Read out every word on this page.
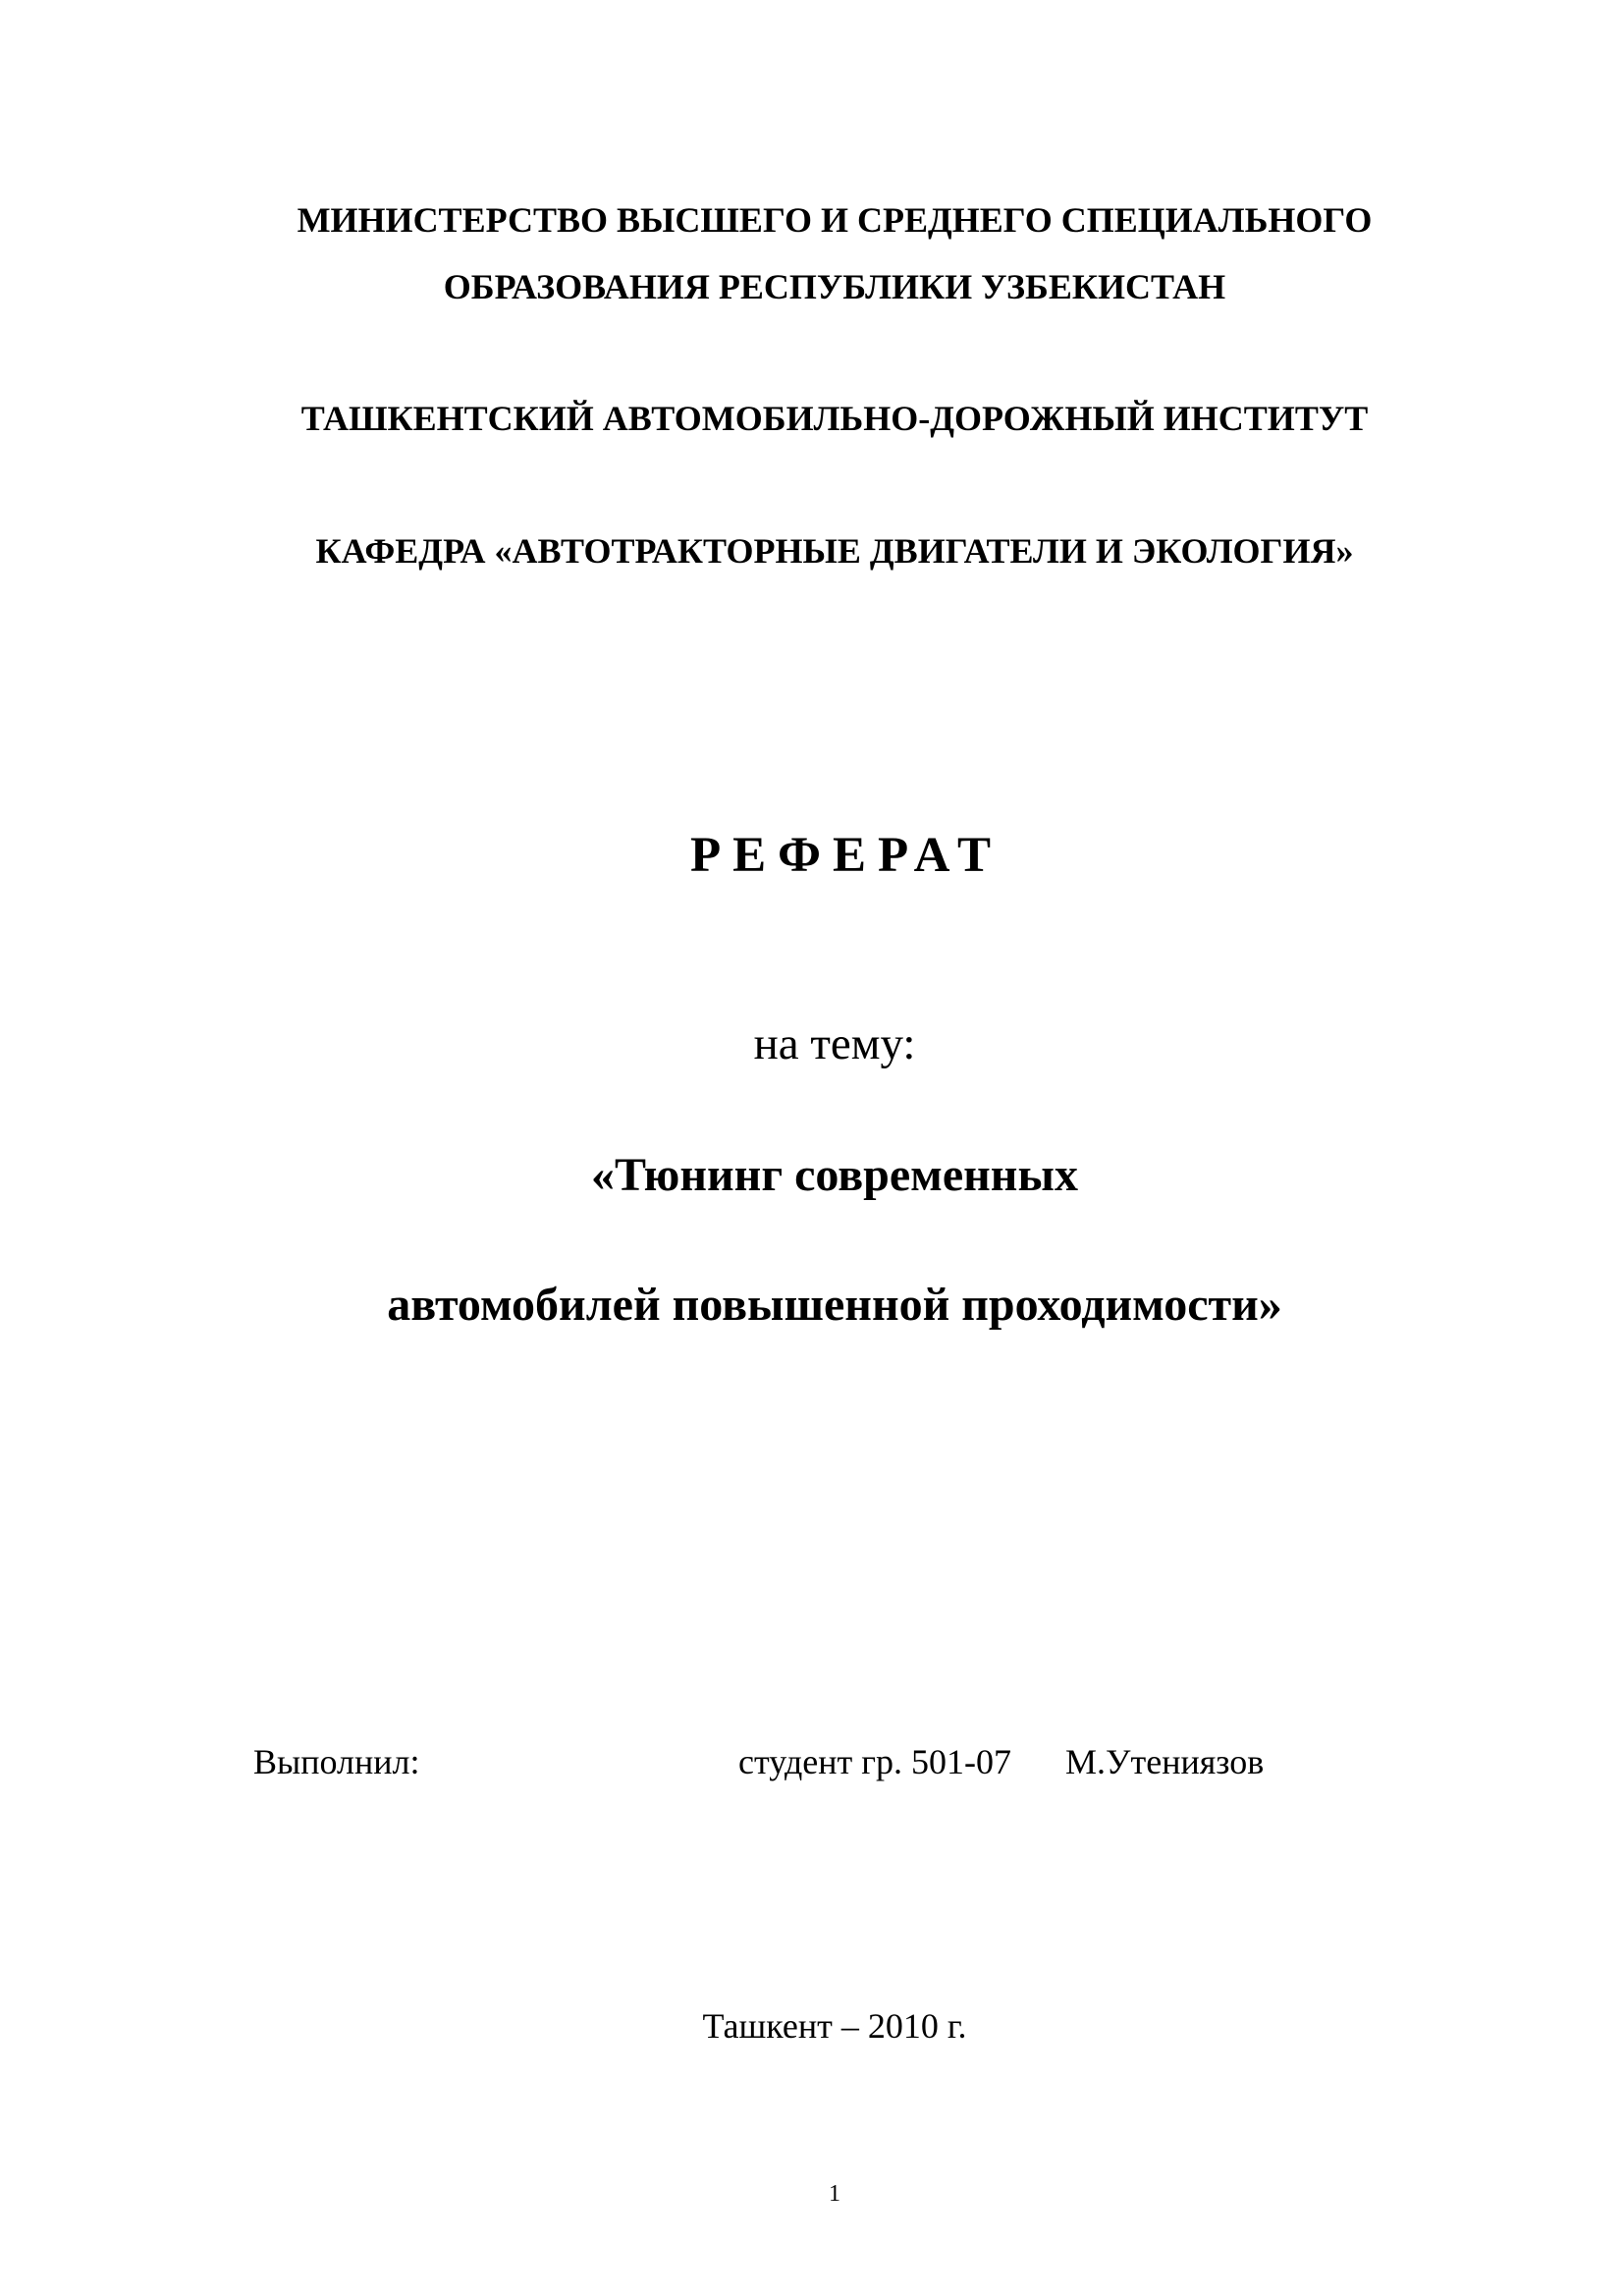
МИНИСТЕРСТВО ВЫСШЕГО И СРЕДНЕГО СПЕЦИАЛЬНОГО
ОБРАЗОВАНИЯ РЕСПУБЛИКИ УЗБЕКИСТАН
ТАШКЕНТСКИЙ АВТОМОБИЛЬНО-ДОРОЖНЫЙ ИНСТИТУТ
КАФЕДРА «АВТОТРАКТОРНЫЕ ДВИГАТЕЛИ И ЭКОЛОГИЯ»
РЕФЕРАТ
на тему:
«Тюнинг современных
автомобилей повышенной проходимости»
Выполнил:	студент гр. 501-07 М.Утениязов
Ташкент – 2010 г.
1
